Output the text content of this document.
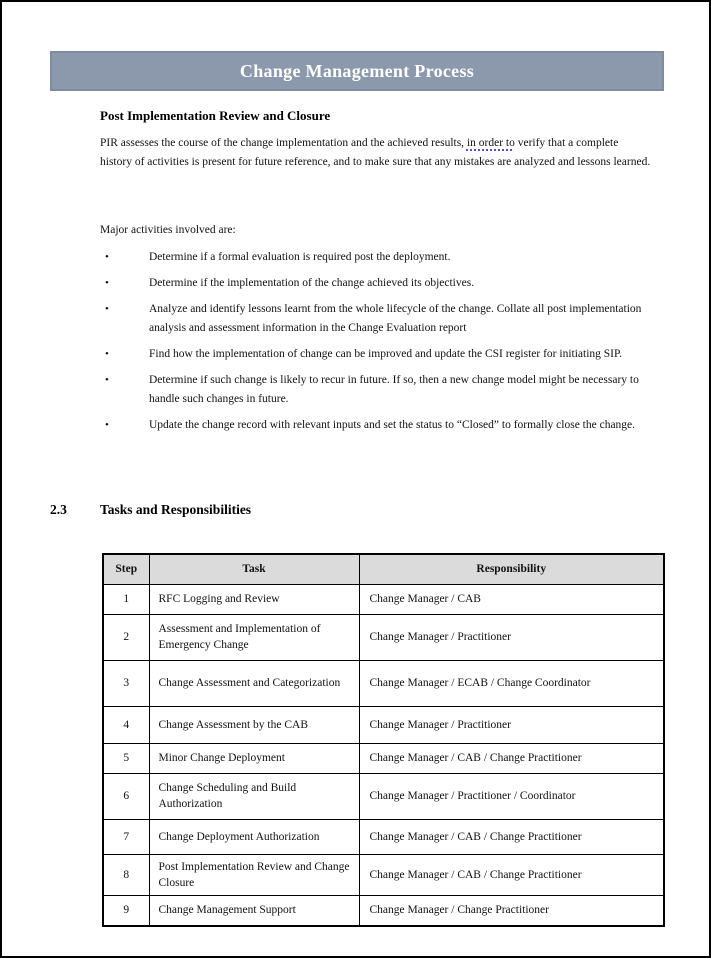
Change Management Process
Post Implementation Review and Closure
PIR assesses the course of the change implementation and the achieved results, in order to verify that a complete history of activities is present for future reference, and to make sure that any mistakes are analyzed and lessons learned.
Major activities involved are:
•	Determine if a formal evaluation is required post the deployment.
•	Determine if the implementation of the change achieved its objectives.
•	Analyze and identify lessons learnt from the whole lifecycle of the change. Collate all post implementation analysis and assessment information in the Change Evaluation report
•	Find how the implementation of change can be improved and update the CSI register for initiating SIP.
•	Determine if such change is likely to recur in future. If so, then a new change model might be necessary to handle such changes in future.
•	Update the change record with relevant inputs and set the status to “Closed” to formally close the change.
2.3 Tasks and Responsibilities
Step	Task	Responsibility
1	RFC Logging and Review	Change Manager / CAB
2	Assessment and Implementation of Emergency Change	Change Manager / Practitioner
3	Change Assessment and Categorization	Change Manager / ECAB / Change Coordinator
4	Change Assessment by the CAB	Change Manager / Practitioner
5	Minor Change Deployment	Change Manager / CAB / Change Practitioner
6	Change Scheduling and Build Authorization	Change Manager / Practitioner / Coordinator
7	Change Deployment Authorization	Change Manager / CAB / Change Practitioner
8	Post Implementation Review and Change Closure	Change Manager / CAB / Change Practitioner
9	Change Management Support	Change Manager / Change Practitioner
